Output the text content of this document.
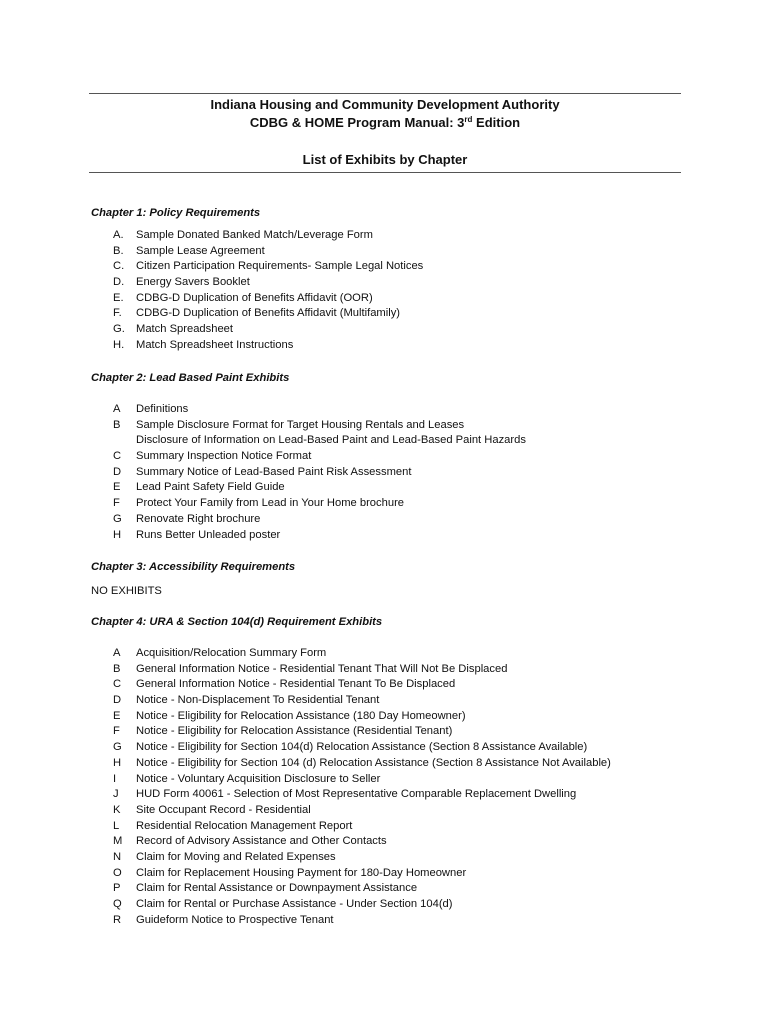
Indiana Housing and Community Development Authority
CDBG & HOME Program Manual: 3rd Edition
List of Exhibits by Chapter
Chapter 1: Policy Requirements
A.	Sample Donated Banked Match/Leverage Form
B.	Sample Lease Agreement
C.	Citizen Participation Requirements- Sample Legal Notices
D.	Energy Savers Booklet
E.	CDBG-D Duplication of Benefits Affidavit (OOR)
F.	CDBG-D Duplication of Benefits Affidavit (Multifamily)
G. Match Spreadsheet
H.	Match Spreadsheet Instructions
Chapter 2: Lead Based Paint Exhibits
A	Definitions
B	Sample Disclosure Format for Target Housing Rentals and Leases
Disclosure of Information on Lead-Based Paint and Lead-Based Paint Hazards
C	Summary Inspection Notice Format
D	Summary Notice of Lead-Based Paint Risk Assessment
E	Lead Paint Safety Field Guide
F	Protect Your Family from Lead in Your Home brochure
G	Renovate Right brochure
H	Runs Better Unleaded poster
Chapter 3: Accessibility Requirements
NO EXHIBITS
Chapter 4: URA & Section 104(d) Requirement Exhibits
A	Acquisition/Relocation Summary Form
B	General Information Notice - Residential Tenant That Will Not Be Displaced
C	General Information Notice - Residential Tenant To Be Displaced
D	Notice - Non-Displacement To Residential Tenant
E	Notice - Eligibility for Relocation Assistance (180 Day Homeowner)
F	Notice - Eligibility for Relocation Assistance (Residential Tenant)
G	Notice - Eligibility for Section 104(d) Relocation Assistance (Section 8 Assistance Available)
H	Notice - Eligibility for Section 104 (d) Relocation Assistance (Section 8 Assistance Not Available)
I	Notice - Voluntary Acquisition Disclosure to Seller
J	HUD Form 40061 - Selection of Most Representative Comparable Replacement Dwelling
K	Site Occupant Record - Residential
L	Residential Relocation Management Report
M	Record of Advisory Assistance and Other Contacts
N	Claim for Moving and Related Expenses
O	Claim for Replacement Housing Payment for 180-Day Homeowner
P	Claim for Rental Assistance or Downpayment Assistance
Q	Claim for Rental or Purchase Assistance - Under Section 104(d)
R	Guideform Notice to Prospective Tenant
